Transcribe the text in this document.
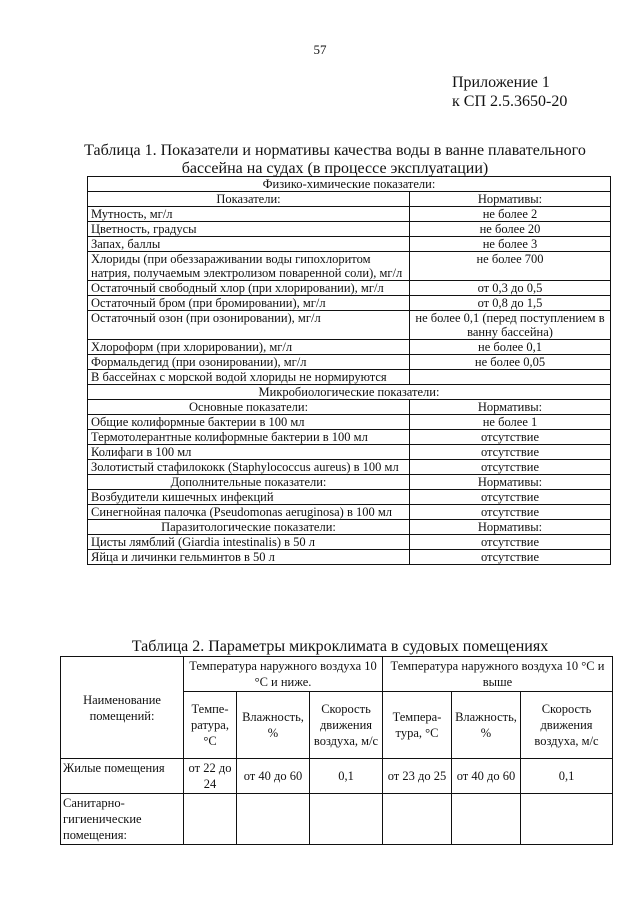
57
Приложение 1
к СП 2.5.3650-20
Таблица 1. Показатели и нормативы качества воды в ванне плавательного
бассейна на судах (в процессе эксплуатации)
Физико-химические показатели:	
Показатели:	Нормативы:
Мутность, мг/л	не более 2
Цветность, градусы	не более 20
Запах, баллы	не более 3
Хлориды (при обеззараживании воды гипохлоритом натрия, получаемым электролизом поваренной соли), мг/л	не более 700
Остаточный свободный хлор (при хлорировании), мг/л	от 0,3 до 0,5
Остаточный бром (при бромировании), мг/л	от 0,8 до 1,5
Остаточный озон (при озонировании), мг/л	не более 0,1 (перед поступлением в ванну бассейна)
Хлороформ (при хлорировании), мг/л	не более 0,1
Формальдегид (при озонировании), мг/л	не более 0,05
В бассейнах с морской водой хлориды не нормируются	
Микробиологические показатели:	
Основные показатели:	Нормативы:
Общие колиформные бактерии в 100 мл	не более 1
Термотолерантные колиформные бактерии в 100 мл	отсутствие
Колифаги в 100 мл	отсутствие
Золотистый стафилококк (Staphylococcus aureus) в 100 мл	отсутствие
Дополнительные показатели:	Нормативы:
Возбудители кишечных инфекций	отсутствие
Синегнойная палочка (Pseudomonas aeruginosa) в 100 мл	отсутствие
Паразитологические показатели:	Нормативы:
Цисты лямблий (Giardia intestinalis) в 50 л	отсутствие
Яйца и личинки гельминтов в 50 л	отсутствие
Таблица 2. Параметры микроклимата в судовых помещениях
Наименование помещений:	Температура наружного воздуха 10 °С и ниже.			Температура наружного воздуха 10 °С и выше		
	Темпе-ратура, °С	Влажность, %	Скорость движения воздуха, м/с	Темпера-тура, °С	Влажность, %	Скорость движения воздуха, м/с
Жилые помещения	от 22 до 24	от 40 до 60	0,1	от 23 до 25	от 40 до 60	0,1
Санитарно-гигиенические помещения:						
